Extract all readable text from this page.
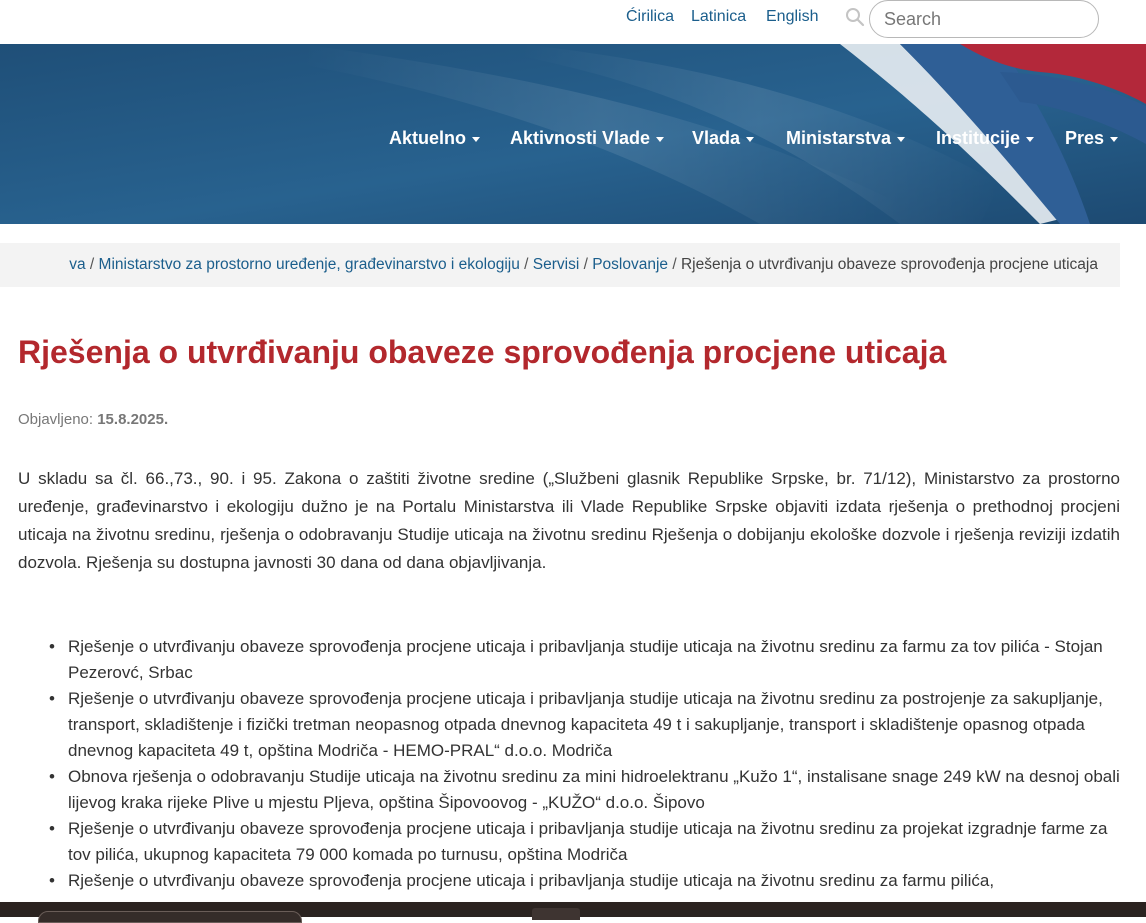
Ćirilica Latinica English
Search
Aktuelno	Aktivnosti Vlade	Vlada	Ministarstva	Institucije	Pres
va / Ministarstvo za prostorno uređenje, građevinarstvo i ekologiju / Servisi / Poslovanje / Rješenja o utvrđivanju obaveze sprovođenja procjene uticaja
Rješenja o utvrđivanju obaveze sprovođenja procjene uticaja
Objavljeno: 15.8.2025.

U skladu sa čl. 66.,73., 90. i 95. Zakona o zaštiti životne sredine („Službeni glasnik Republike Srpske, br. 71/12), Ministarstvo za prostorno uređenje, građevinarstvo i ekologiju dužno je na Portalu Ministarstva ili Vlade Republike Srpske objaviti izdata rješenja o prethodnoj procjeni uticaja na životnu sredinu, rješenja o odobravanju Studije uticaja na životnu sredinu Rješenja o dobijanju ekološke dozvole i rješenja reviziji izdatih dozvola. Rješenja su dostupna javnosti 30 dana od dana objavljivanja.

• Rješenje o utvrđivanju obaveze sprovođenja procjene uticaja i pribavljanja studije uticaja na životnu sredinu za farmu za tov pilića - Stojan Pezerovć, Srbac
• Rješenje o utvrđivanju obaveze sprovođenja procjene uticaja i pribavljanja studije uticaja na životnu sredinu za postrojenje za sakupljanje, transport, skladištenje i fizički tretman neopasnog otpada dnevnog kapaciteta 49 t i sakupljanje, transport i skladištenje opasnog otpada dnevnog kapaciteta 49 t, opština Modriča - HEMO-PRAL“ d.o.o. Modriča
• Obnova rješenja o odobravanju Studije uticaja na životnu sredinu za mini hidroelektranu „Kužo 1“, instalisane snage 249 kW na desnoj obali lijevog kraka rijeke Plive u mjestu Pljeva, opština Šipovoovog - „KUŽO“ d.o.o. Šipovo
• Rješenje o utvrđivanju obaveze sprovođenja procjene uticaja i pribavljanja studije uticaja na životnu sredinu za projekat izgradnje farme za tov pilića, ukupnog kapaciteta 79 000 komada po turnusu, opština Modriča
• Rješenje o utvrđivanju obaveze sprovođenja procjene uticaja i pribavljanja studije uticaja na životnu sredinu za farmu pilića,
